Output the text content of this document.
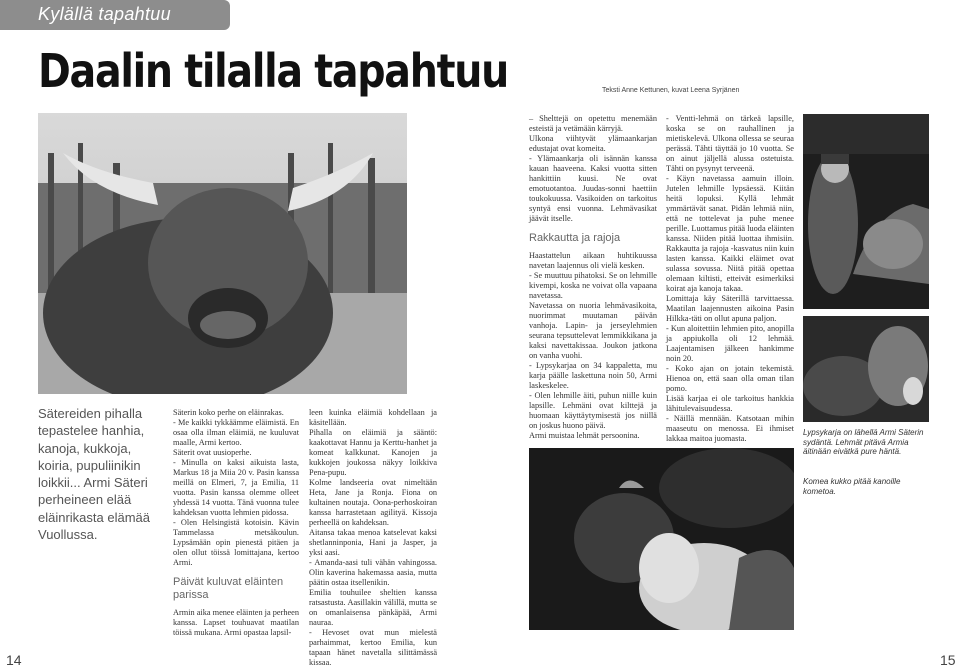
Kylällä tapahtuu
Daalin tilalla tapahtuu	Teksti Anne Kettunen, kuvat Leena Syrjänen
Sätereiden pihalla tepastelee hanhia, kanoja, kukkoja, koiria, pupuliinikin loikkii... Armi Säteri perheineen elää eläinrikasta elämää Vuollussa.

Säterin koko perhe on eläinrakas.

- Me kaikki tykkäämme eläimistä. En osaa olla ilman eläimiä, ne kuuluvat maalle, Armi kertoo.

Säterit ovat uusioperhe.

- Minulla on kaksi aikuista lasta, Markus 18 ja Miia 20 v. Pasin kanssa meillä on Elmeri, 7, ja Emilia, 11 vuotta. Pasin kanssa olemme olleet yhdessä 14 vuotta. Tänä vuonna tulee kahdeksan vuotta lehmien pidossa.

- Olen Helsingistä kotoisin. Kävin Tammelassa metsäkoulun. Lypsämään opin pienestä pitäen ja olen ollut töissä lomittajana, kertoo Armi.

Päivät kuluvat eläinten parissa

Armin aika menee eläinten ja perheen kanssa. Lapset touhuavat maatilan töissä mukana. Armi opastaa lapsil-

leen kuinka eläimiä kohdellaan ja käsitellään.

Pihalla on eläimiä ja sääntö: kaakottavat Hannu ja Kerttu-hanhet ja komeat kalkkunat. Kanojen ja kukkojen joukossa näkyy loikkiva Pena-pupu.

Kolme landseeria ovat nimeltään Heta, Jane ja Ronja. Fiona on kultainen noutaja. Oona-perhoskoiran kanssa harrastetaan agilityä. Kissoja perheellä on kahdeksan.

Aitansa takaa menoa katselevat kaksi shetlanninponia, Hani ja Jasper, ja yksi aasi.

- Amanda-aasi tuli vähän vahingossa. Olin kaverina hakemassa aasia, mutta päätin ostaa itsellenikin.

Emilia touhuilee sheltien kanssa ratsastusta. Aasillakin välillä, mutta se on omanlaisensa pänkäpää, Armi nauraa.

- Hevoset ovat mun mielestä parhaimmat, kertoo Emilia, kun tapaan hänet navetalla silittämässä kissaa.

– Shelttejä on opetettu menemään esteistä ja vetämään kärryjä.

Ulkona viihtyvät ylämaankarjan edustajat ovat komeita.

- Ylämaankarja oli isännän kanssa kauan haaveena. Kaksi vuotta sitten hankittiin kuusi. Ne ovat emotuotantoa. Juudas-sonni haettiin toukokuussa. Vasikoiden on tarkoitus syntyä ensi vuonna. Lehmävasikat jäävät itselle.

Rakkautta ja rajoja

Haastattelun aikaan huhtikuussa navetan laajennus oli vielä kesken.

- Se muuttuu pihatoksi. Se on lehmille kivempi, koska ne voivat olla vapaana navetassa.

Navetassa on nuoria lehmävasikoita, nuorimmat muutaman päivän vanhoja. Lapin- ja jerseylehmien seurana tepsuttelevat lemmikkikana ja kaksi navettakissaa. Joukon jatkona on vanha vuohi.

- Lypsykarjaa on 34 kappaletta, mu karja päälle laskettuna noin 50, Armi laskeskelee.

- Olen lehmille äiti, puhun niille kuin lapsille. Lehmäni ovat kilttejä ja huomaan käyttäytymisestä jos niillä on joskus huono päivä.

Armi muistaa lehmät persoonina.

- Ventti-lehmä on tärkeä lapsille, koska se on rauhallinen ja mietiskelevä. Ulkona ollessa se seuraa perässä. Tähti täyttää jo 10 vuotta. Se on ainut jäljellä alussa ostetuista. Tähti on pysynyt terveenä.

- Käyn navetassa aamuin illoin. Jutelen lehmille lypsäessä. Kiitän heitä lopuksi. Kyllä lehmät ymmärtävät sanat. Pidän lehmiä niin, että ne tottelevat ja puhe menee perille. Luottamus pitää luoda eläinten kanssa. Niiden pitää luottaa ihmisiin. Rakkautta ja rajoja -kasvatus niin kuin lasten kanssa. Kaikki eläimet ovat sulassa sovussa. Niitä pitää opettaa olemaan kiltisti, etteivät esimerkiksi koirat aja kanoja takaa.

Lomittaja käy Säterillä tarvittaessa. Maatilan laajennusten aikoina Pasin Hilkka-täti on ollut apuna paljon.

- Kun aloitettiin lehmien pito, anopilla ja appiukolla oli 12 lehmää. Laajentamisen jälkeen hankimme noin 20.

- Koko ajan on jotain tekemistä. Hienoa on, että saan olla oman tilan pomo.

Lisää karjaa ei ole tarkoitus hankkia lähitulevaisuudessa.

- Näillä mennään. Katsotaan mihin maaseutu on menossa. Ei ihmiset lakkaa maitoa juomasta.

Lypsykarja on lähellä Armi Säterin sydäntä. Lehmät pitävä Armia äitinään eivätkä pure häntä.
Komea kukko pitää kanoille kometoa.
14	15
